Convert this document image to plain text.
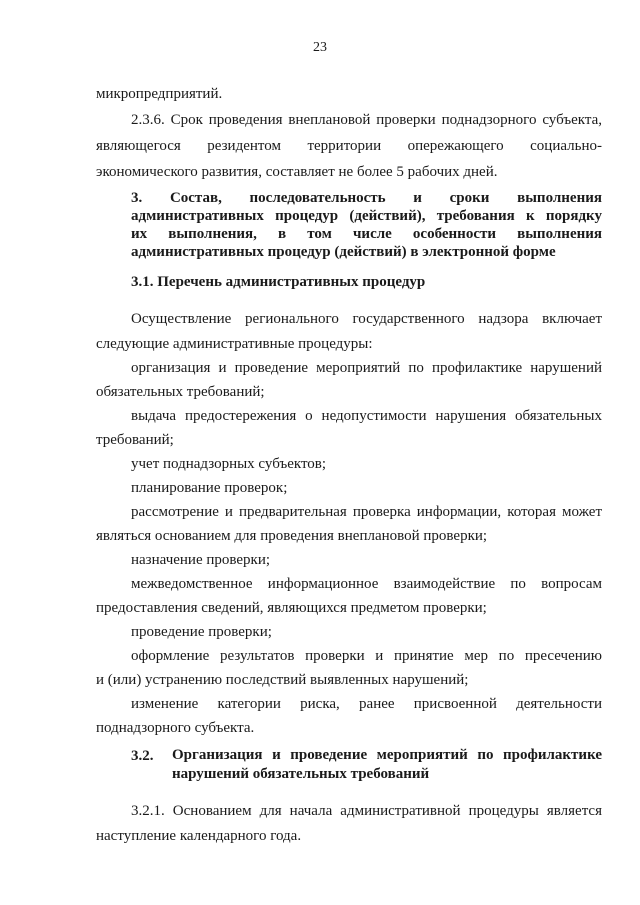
23
микропредприятий.
2.3.6. Срок проведения внеплановой проверки поднадзорного субъекта,
являющегося резидентом территории опережающего социально-
экономического развития, составляет не более 5 рабочих дней.
3. Состав, последовательность и сроки выполнения
административных процедур (действий), требования к порядку
их выполнения, в том числе особенности выполнения
административных процедур (действий) в электронной форме
3.1. Перечень административных процедур
Осуществление регионального государственного надзора включает
следующие административные процедуры:
организация и проведение мероприятий по профилактике нарушений
обязательных требований;
выдача предостережения о недопустимости нарушения обязательных
требований;
учет поднадзорных субъектов;
планирование проверок;
рассмотрение и предварительная проверка информации, которая может
являться основанием для проведения внеплановой проверки;
назначение проверки;
межведомственное информационное взаимодействие по вопросам
предоставления сведений, являющихся предметом проверки;
проведение проверки;
оформление результатов проверки и принятие мер по пресечению
и (или) устранению последствий выявленных нарушений;
изменение категории риска, ранее присвоенной деятельности
поднадзорного субъекта.
3.2. Организация и проведение мероприятий по профилактике
нарушений обязательных требований
3.2.1. Основанием для начала административной процедуры является
наступление календарного года.
